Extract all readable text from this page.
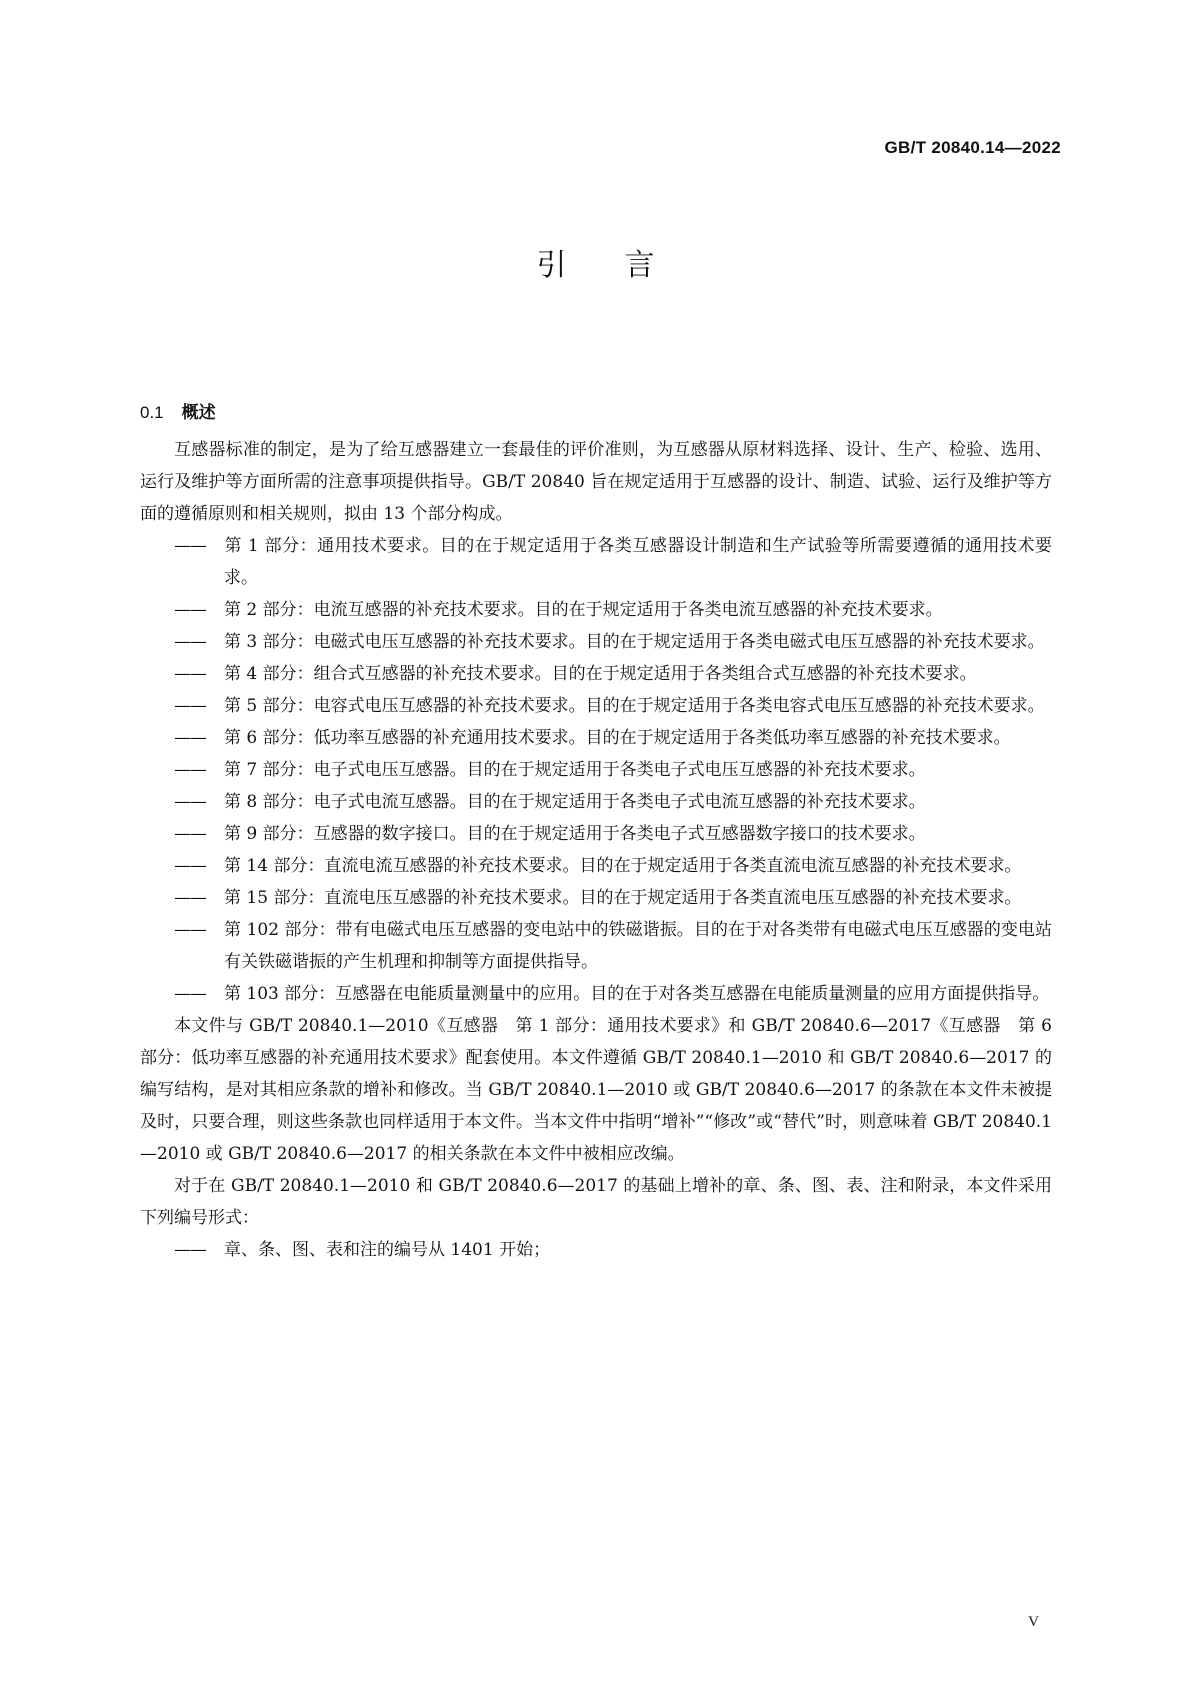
GB/T 20840.14—2022
引言
0.1 概述

互感器标准的制定，是为了给互感器建立一套最佳的评价准则，为互感器从原材料选择、设计、生产、检验、选用、运行及维护等方面所需的注意事项提供指导。GB/T 20840 旨在规定适用于互感器的设计、制造、试验、运行及维护等方面的遵循原则和相关规则，拟由 13 个部分构成。

—— 第 1 部分：通用技术要求。目的在于规定适用于各类互感器设计制造和生产试验等所需要遵循的通用技术要求。

—— 第 2 部分：电流互感器的补充技术要求。目的在于规定适用于各类电流互感器的补充技术要求。

—— 第 3 部分：电磁式电压互感器的补充技术要求。目的在于规定适用于各类电磁式电压互感器的补充技术要求。

—— 第 4 部分：组合式互感器的补充技术要求。目的在于规定适用于各类组合式互感器的补充技术要求。

—— 第 5 部分：电容式电压互感器的补充技术要求。目的在于规定适用于各类电容式电压互感器的补充技术要求。

—— 第 6 部分：低功率互感器的补充通用技术要求。目的在于规定适用于各类低功率互感器的补充技术要求。

—— 第 7 部分：电子式电压互感器。目的在于规定适用于各类电子式电压互感器的补充技术要求。

—— 第 8 部分：电子式电流互感器。目的在于规定适用于各类电子式电流互感器的补充技术要求。

—— 第 9 部分：互感器的数字接口。目的在于规定适用于各类电子式互感器数字接口的技术要求。

—— 第 14 部分：直流电流互感器的补充技术要求。目的在于规定适用于各类直流电流互感器的补充技术要求。

—— 第 15 部分：直流电压互感器的补充技术要求。目的在于规定适用于各类直流电压互感器的补充技术要求。

—— 第 102 部分：带有电磁式电压互感器的变电站中的铁磁谐振。目的在于对各类带有电磁式电压互感器的变电站有关铁磁谐振的产生机理和抑制等方面提供指导。

—— 第 103 部分：互感器在电能质量测量中的应用。目的在于对各类互感器在电能质量测量的应用方面提供指导。

本文件与 GB/T 20840.1—2010《互感器　第 1 部分：通用技术要求》和 GB/T 20840.6—2017《互感器　第 6 部分：低功率互感器的补充通用技术要求》配套使用。本文件遵循 GB/T 20840.1—2010 和 GB/T 20840.6—2017 的编写结构，是对其相应条款的增补和修改。当 GB/T 20840.1—2010 或 GB/T 20840.6—2017 的条款在本文件未被提及时，只要合理，则这些条款也同样适用于本文件。当本文件中指明“增补”“修改”或“替代”时，则意味着 GB/T 20840.1—2010 或 GB/T 20840.6—2017 的相关条款在本文件中被相应改编。

对于在 GB/T 20840.1—2010 和 GB/T 20840.6—2017 的基础上增补的章、条、图、表、注和附录，本文件采用下列编号形式：

—— 章、条、图、表和注的编号从 1401 开始；

V
